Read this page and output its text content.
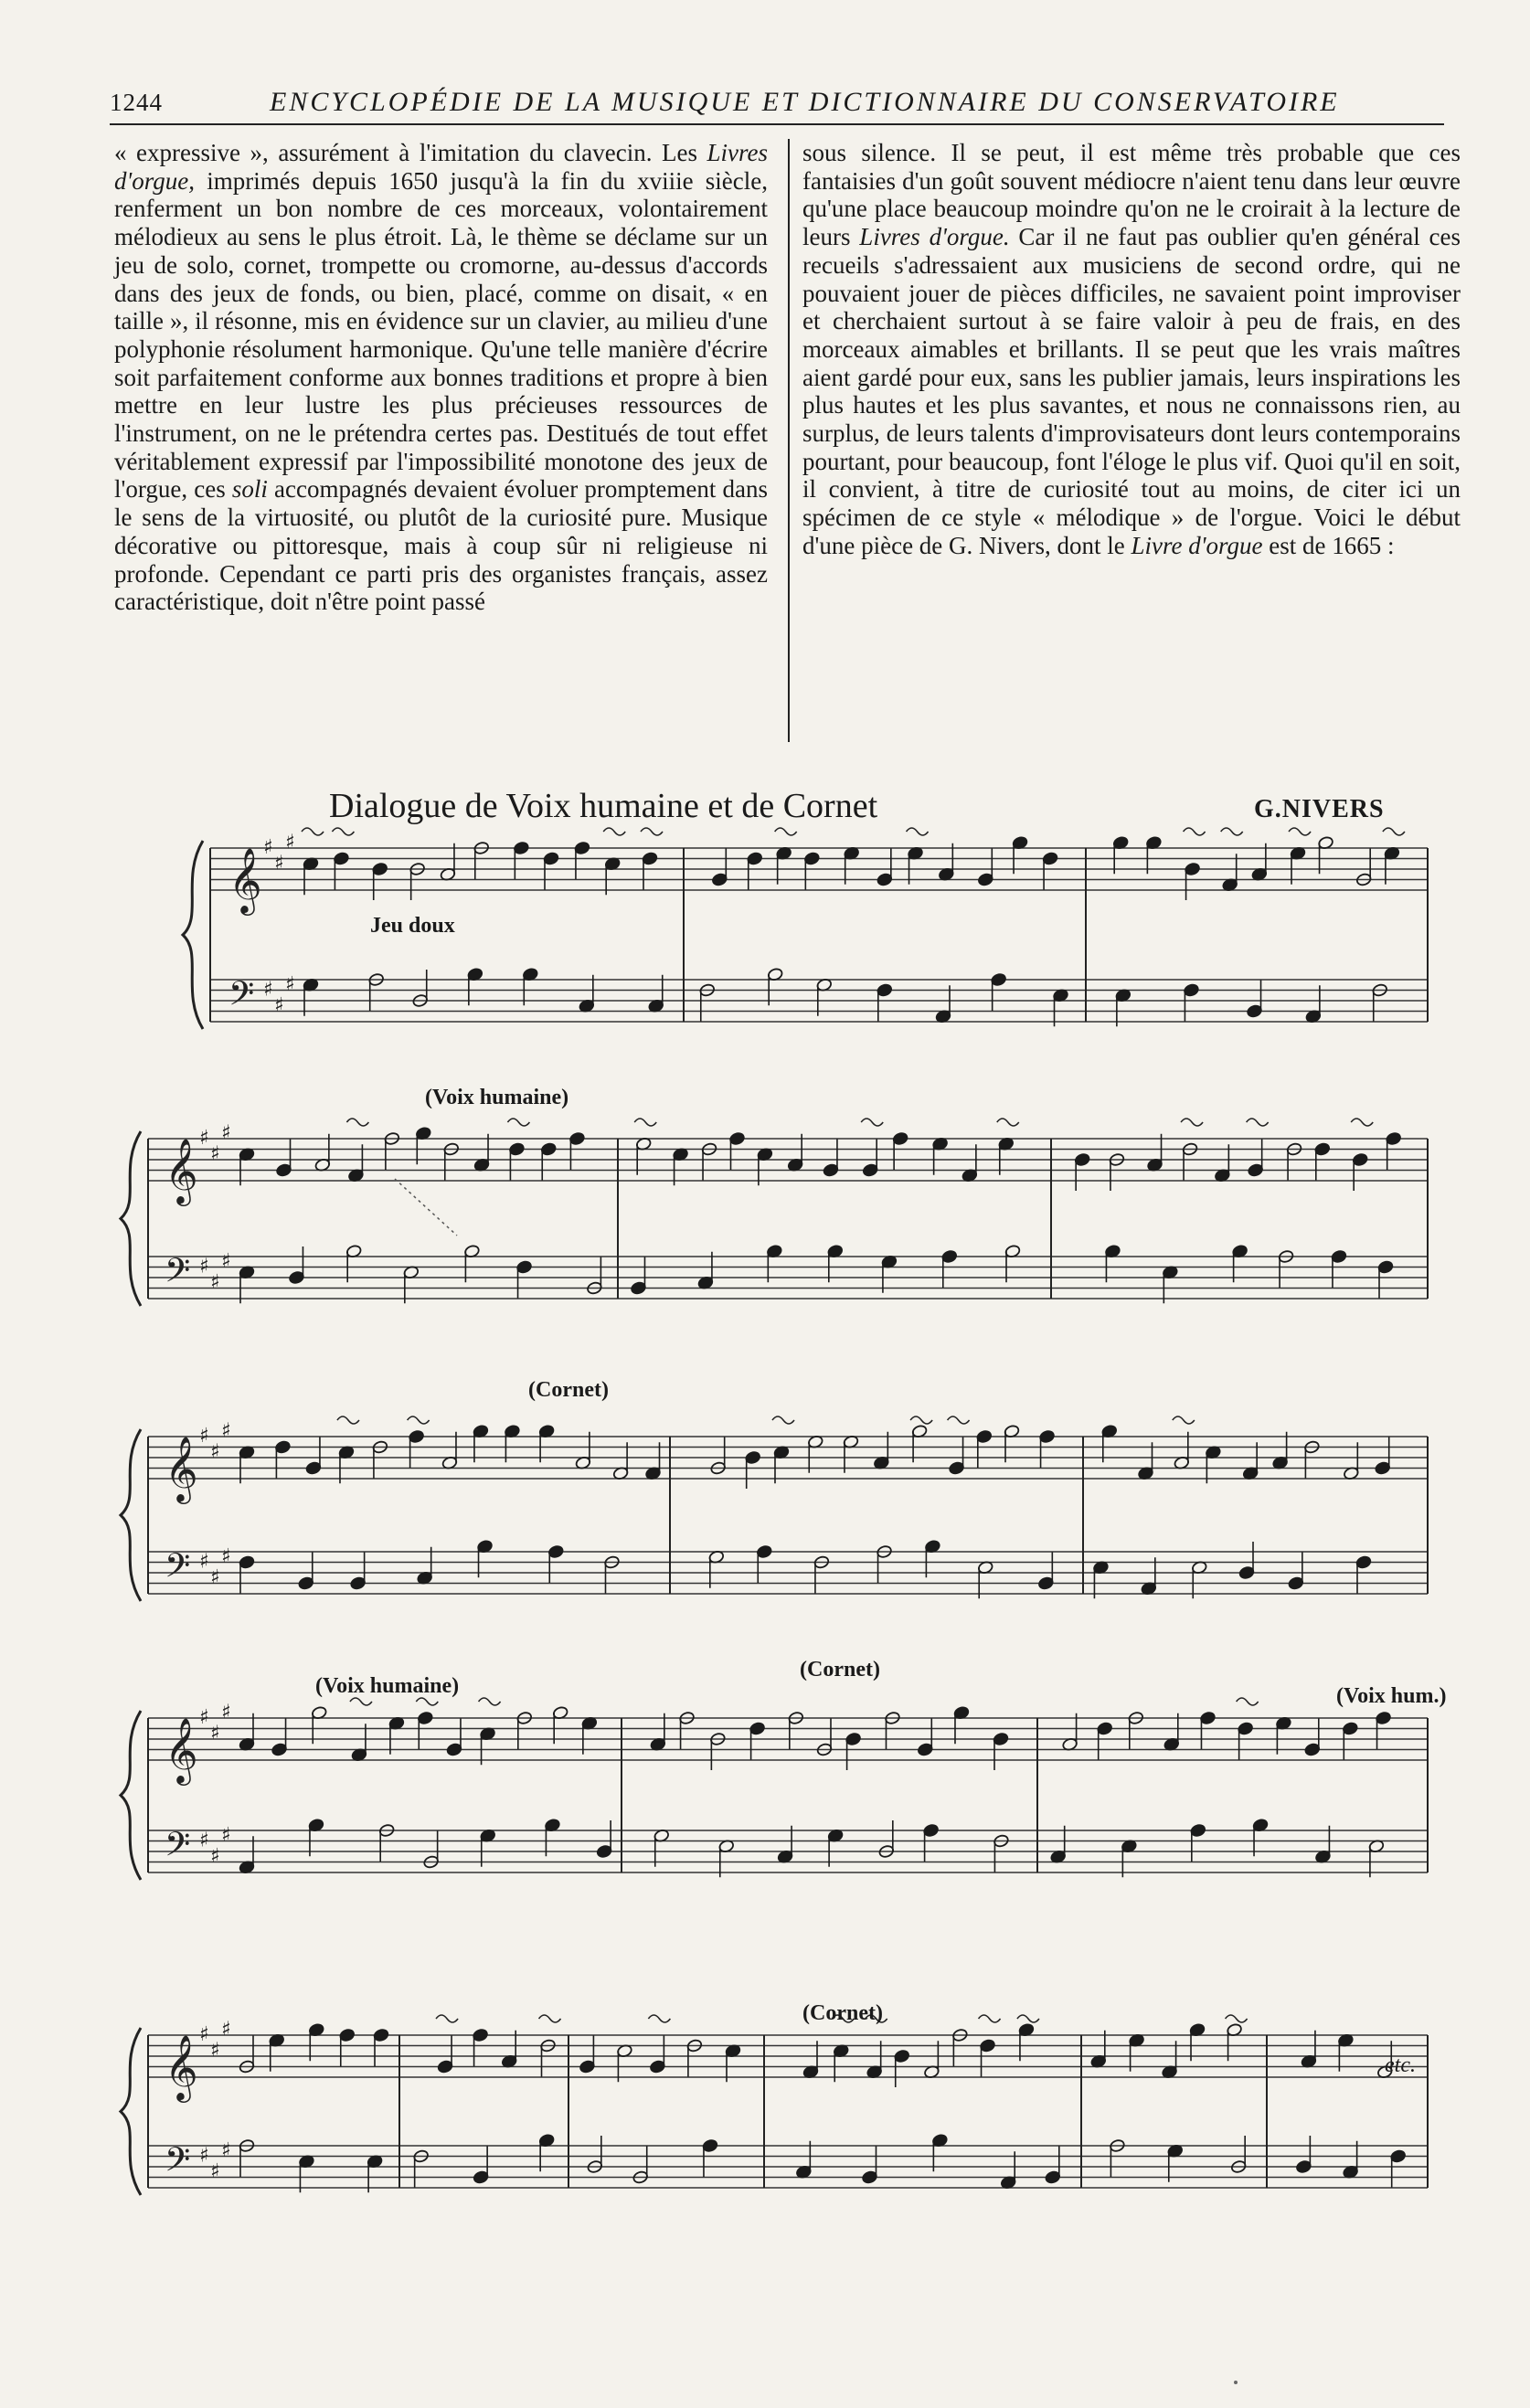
1244	ENCYCLOPÉDIE DE LA MUSIQUE ET DICTIONNAIRE DU CONSERVATOIRE

« expressive », assurément à l'imitation du clavecin. Les Livres d'orgue, imprimés depuis 1650 jusqu'à la fin du xviiie siècle, renferment un bon nombre de ces morceaux, volontairement mélodieux au sens le plus étroit. Là, le thème se déclame sur un jeu de solo, cornet, trompette ou cromorne, au-dessus d'accords dans des jeux de fonds, ou bien, placé, comme on disait, « en taille », il résonne, mis en évidence sur un clavier, au milieu d'une polyphonie résolument harmonique. Qu'une telle manière d'écrire soit parfaitement conforme aux bonnes traditions et propre à bien mettre en leur lustre les plus précieuses ressources de l'instrument, on ne le prétendra certes pas. Destitués de tout effet véritablement expressif par l'impossibilité monotone des jeux de l'orgue, ces soli accompagnés devaient évoluer promptement dans le sens de la virtuosité, ou plutôt de la curiosité pure. Musique décorative ou pittoresque, mais à coup sûr ni religieuse ni profonde. Cependant ce parti pris des organistes français, assez caractéristique, doit n'être point passé

sous silence. Il se peut, il est même très probable que ces fantaisies d'un goût souvent médiocre n'aient tenu dans leur œuvre qu'une place beaucoup moindre qu'on ne le croirait à la lecture de leurs Livres d'orgue. Car il ne faut pas oublier qu'en général ces recueils s'adressaient aux musiciens de second ordre, qui ne pouvaient jouer de pièces difficiles, ne savaient point improviser et cherchaient surtout à se faire valoir à peu de frais, en des morceaux aimables et brillants. Il se peut que les vrais maîtres aient gardé pour eux, sans les publier jamais, leurs inspirations les plus hautes et les plus savantes, et nous ne connaissons rien, au surplus, de leurs talents d'improvisateurs dont leurs contemporains pourtant, pour beaucoup, font l'éloge le plus vif. Quoi qu'il en soit, il convient, à titre de curiosité tout au moins, de citer ici un spécimen de ce style « mélodique » de l'orgue. Voici le début d'une pièce de G. Nivers, dont le Livre d'orgue est de 1665 :

Dialogue de Voix humaine et de Cornet	G.NIVERS
𝄞 ♯
♯
♯
𝄢 ♯
♯
♯
𝄞 ♯
♯
♯
𝄢 ♯
♯
♯
𝄞 ♯
♯
♯
𝄢 ♯
♯
♯
𝄞 ♯
♯
♯
𝄢 ♯
♯
♯
𝄞 ♯
♯
♯
𝄢 ♯
♯
♯
Jeu doux
(Voix humaine)
(Cornet)
(Voix humaine)
(Cornet)
(Voix hum.)
(Cornet)
etc.
